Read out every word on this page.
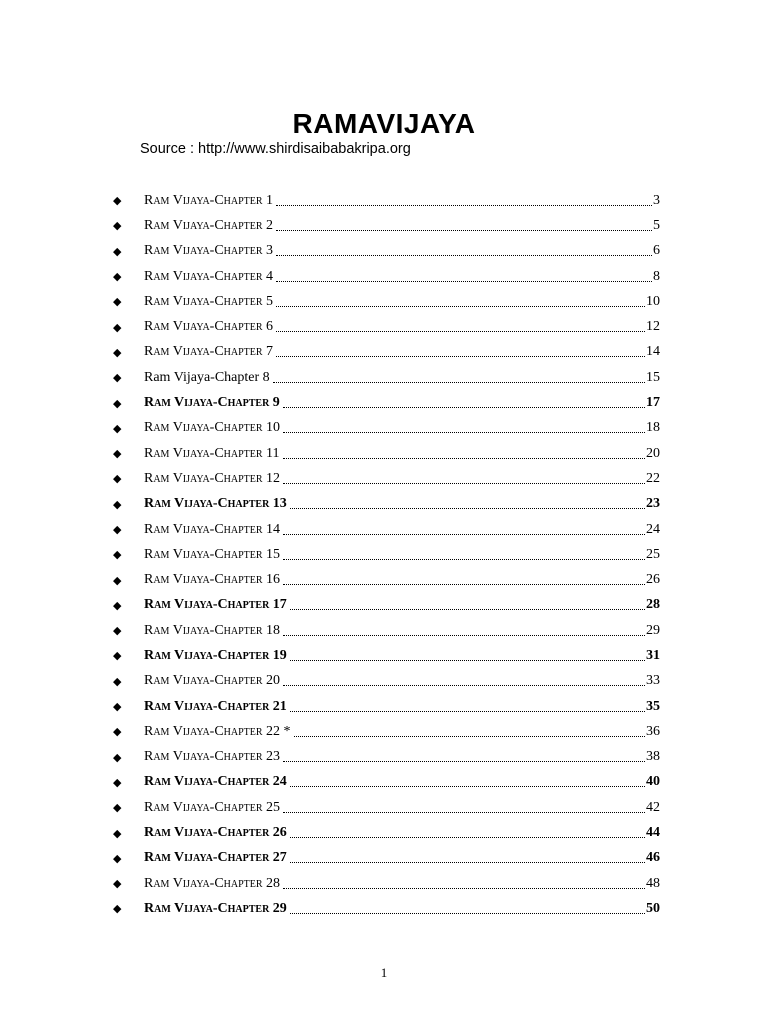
RAMAVIJAYA
Source : http://www.shirdisaibabakripa.org
◆	Ram Vijaya-Chapter 1	3
◆	Ram Vijaya-Chapter 2	5
◆	Ram Vijaya-Chapter 3	6
◆	Ram Vijaya-Chapter 4	8
◆	Ram Vijaya-Chapter 5	10
◆	Ram Vijaya-Chapter 6	12
◆	Ram Vijaya-Chapter 7	14
◆	Ram Vijaya-Chapter 8	15
◆	Ram Vijaya-Chapter 9	17
◆	Ram Vijaya-Chapter 10	18
◆	Ram Vijaya-Chapter 11	20
◆	Ram Vijaya-Chapter 12	22
◆	Ram Vijaya-Chapter 13	23
◆	Ram Vijaya-Chapter 14	24
◆	Ram Vijaya-Chapter 15	25
◆	Ram Vijaya-Chapter 16	26
◆	Ram Vijaya-Chapter 17	28
◆	Ram Vijaya-Chapter 18	29
◆	Ram Vijaya-Chapter 19	31
◆	Ram Vijaya-Chapter 20	33
◆	Ram Vijaya-Chapter 21	35
◆	Ram Vijaya-Chapter 22 *	36
◆	Ram Vijaya-Chapter 23	38
◆	Ram Vijaya-Chapter 24	40
◆	Ram Vijaya-Chapter 25	42
◆	Ram Vijaya-Chapter 26	44
◆	Ram Vijaya-Chapter 27	46
◆	Ram Vijaya-Chapter 28	48
◆	Ram Vijaya-Chapter 29	50
1
